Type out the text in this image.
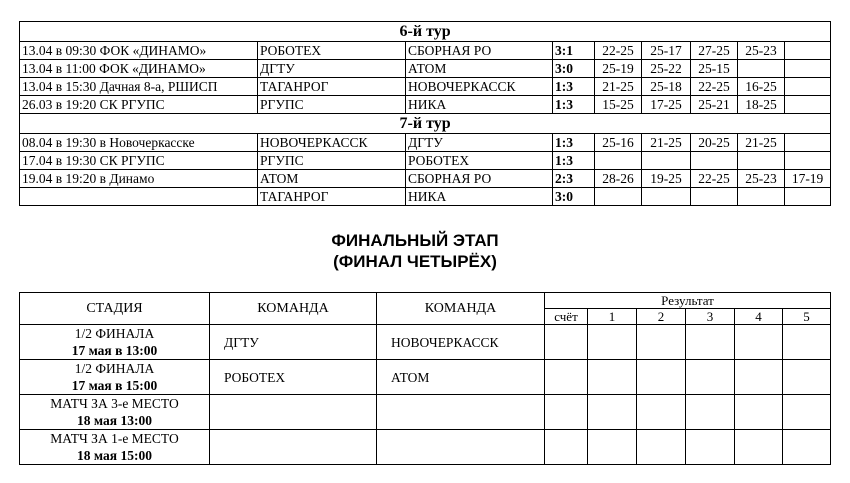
6-й тур								
13.04 в 09:30 ФОК «ДИНАМО»	РОБОТЕХ	СБОРНАЯ РО	3:1	22-25	25-17	27-25	25-23	
13.04 в 11:00 ФОК «ДИНАМО»	ДГТУ	АТОМ	3:0	25-19	25-22	25-15		
13.04 в 15:30 Дачная 8-а, РШИСП	ТАГАНРОГ	НОВОЧЕРКАССК	1:3	21-25	25-18	22-25	16-25	
26.03 в 19:20 СК РГУПС	РГУПС	НИКА	1:3	15-25	17-25	25-21	18-25	
7-й тур								
08.04 в 19:30 в Новочеркасске	НОВОЧЕРКАССК	ДГТУ	1:3	25-16	21-25	20-25	21-25	
17.04 в 19:30 СК РГУПС	РГУПС	РОБОТЕХ	1:3					
19.04 в 19:20 в Динамо	АТОМ	СБОРНАЯ РО	2:3	28-26	19-25	22-25	25-23	17-19
	ТАГАНРОГ	НИКА	3:0					
ФИНАЛЬНЫЙ ЭТАП
(ФИНАЛ ЧЕТЫРЁХ)
СТАДИЯ	КОМАНДА	КОМАНДА	Результат					
			счёт	1	2	3	4	5

1/2 ФИНАЛА
17 мая в 13:00	ДГТУ	НОВОЧЕРКАССК						

1/2 ФИНАЛА
17 мая в 15:00	РОБОТЕХ	АТОМ						

МАТЧ ЗА 3-е МЕСТО
18 мая 13:00								

МАТЧ ЗА 1-е МЕСТО
18 мая 15:00								
